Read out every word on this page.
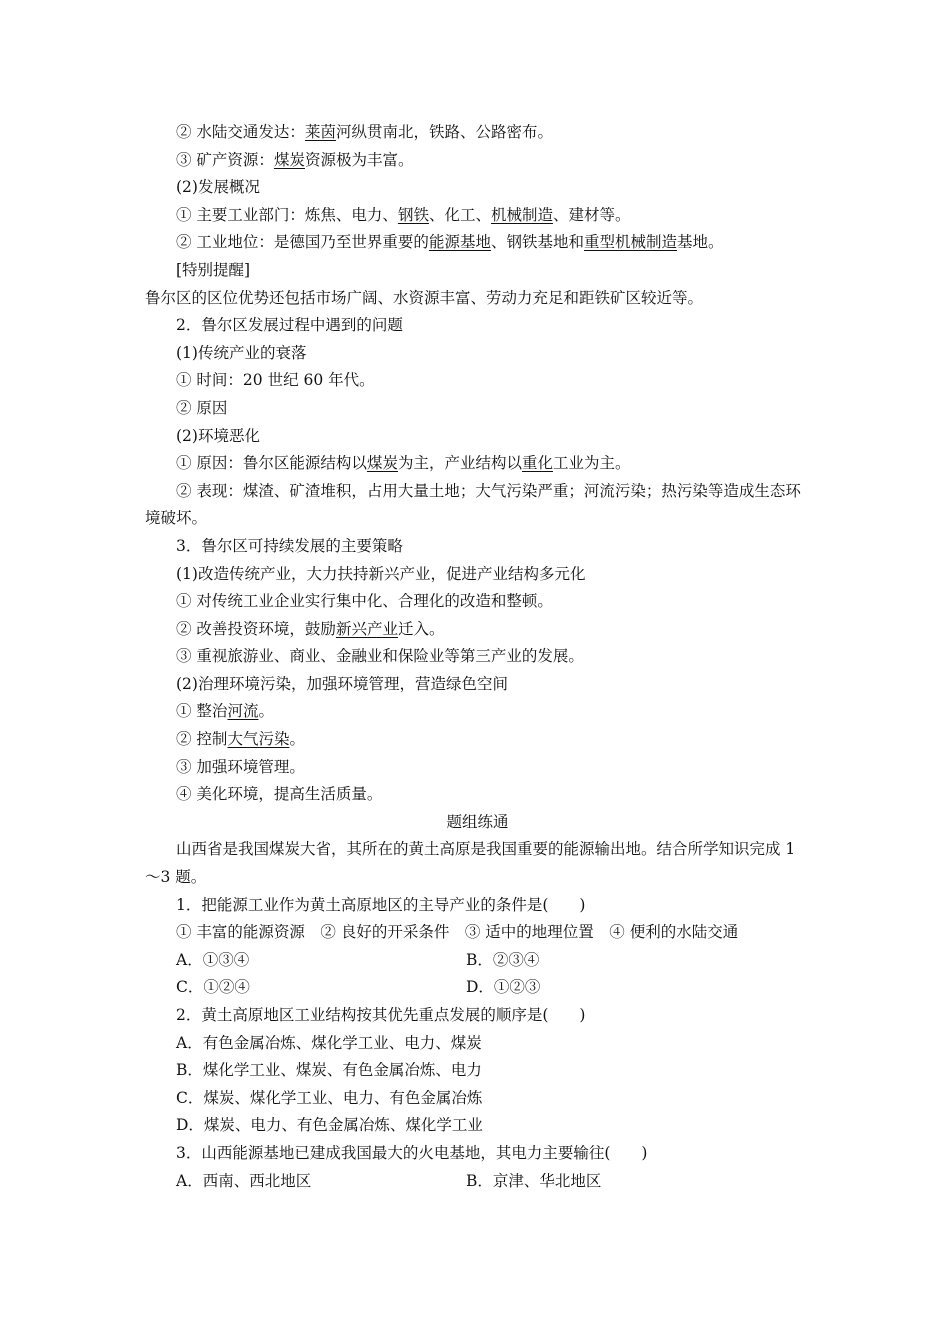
② 水陆交通发达：莱茵河纵贯南北，铁路、公路密布。
③ 矿产资源：煤炭资源极为丰富。
(2)发展概况
① 主要工业部门：炼焦、电力、钢铁、化工、机械制造、建材等。
② 工业地位：是德国乃至世界重要的能源基地、钢铁基地和重型机械制造基地。
[特别提醒]
鲁尔区的区位优势还包括市场广阔、水资源丰富、劳动力充足和距铁矿区较近等。
2．鲁尔区发展过程中遇到的问题
(1)传统产业的衰落
① 时间：20 世纪 60 年代。
② 原因
(2)环境恶化
① 原因：鲁尔区能源结构以煤炭为主，产业结构以重化工业为主。
② 表现：煤渣、矿渣堆积，占用大量土地；大气污染严重；河流污染；热污染等造成生态环境破坏。
3．鲁尔区可持续发展的主要策略
(1)改造传统产业，大力扶持新兴产业，促进产业结构多元化
① 对传统工业企业实行集中化、合理化的改造和整顿。
② 改善投资环境，鼓励新兴产业迁入。
③ 重视旅游业、商业、金融业和保险业等第三产业的发展。
(2)治理环境污染，加强环境管理，营造绿色空间
① 整治河流。
② 控制大气污染。
③ 加强环境管理。
④ 美化环境，提高生活质量。
题组练通
山西省是我国煤炭大省，其所在的黄土高原是我国重要的能源输出地。结合所学知识完成 1～3 题。
1．把能源工业作为黄土高原地区的主导产业的条件是(　　)
① 丰富的能源资源　② 良好的开采条件　③ 适中的地理位置　④ 便利的水陆交通
A．①③④	B．②③④
C．①②④	D．①②③
2．黄土高原地区工业结构按其优先重点发展的顺序是(　　)
A．有色金属冶炼、煤化学工业、电力、煤炭
B．煤化学工业、煤炭、有色金属冶炼、电力
C．煤炭、煤化学工业、电力、有色金属冶炼
D．煤炭、电力、有色金属冶炼、煤化学工业
3．山西能源基地已建成我国最大的火电基地，其电力主要输往(　　)
A．西南、西北地区	B．京津、华北地区
